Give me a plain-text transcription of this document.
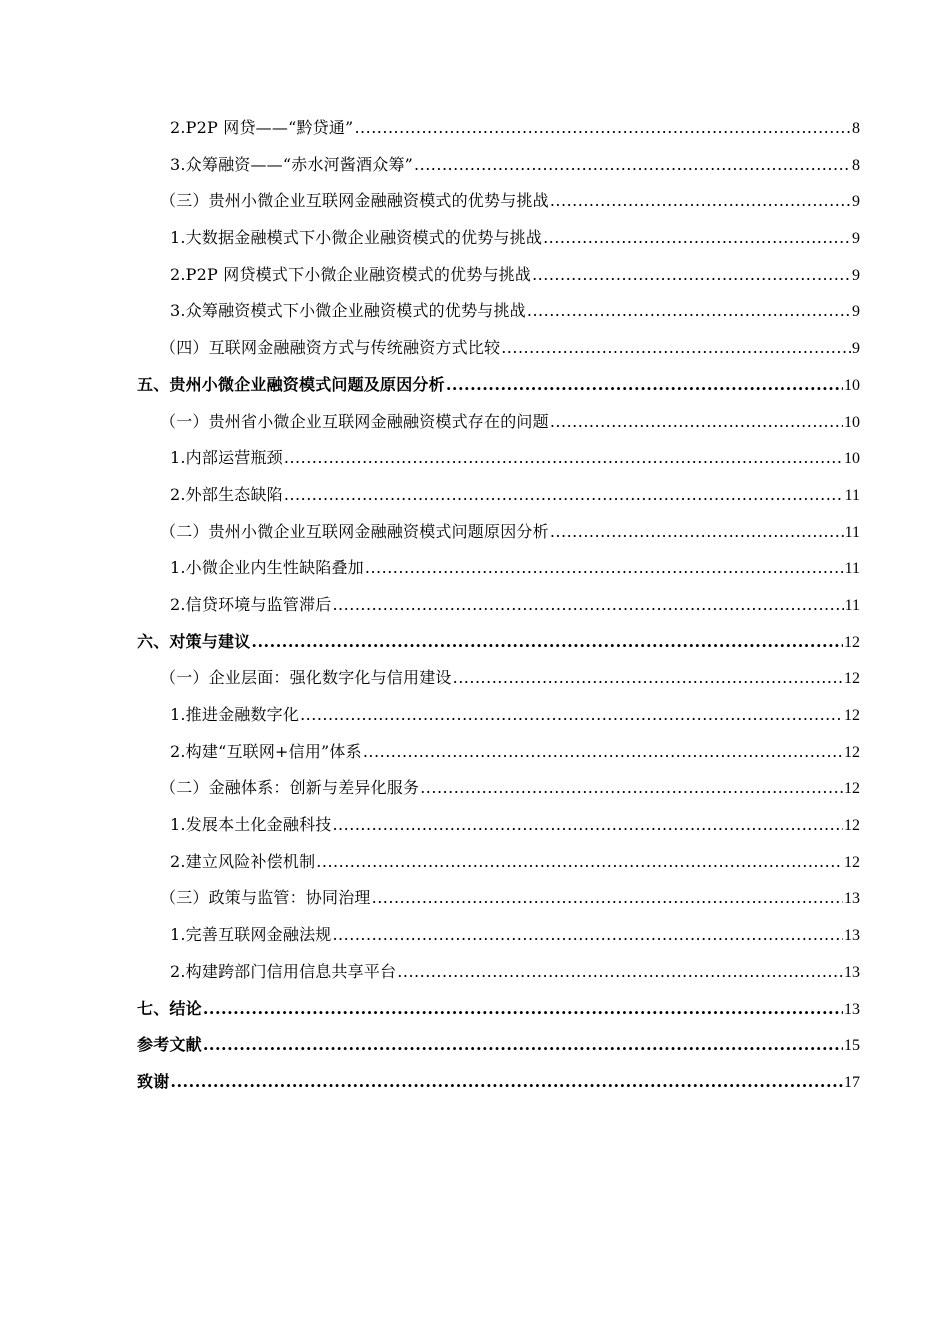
2.P2P 网贷——“黔贷通” .....	8
3.众筹融资——“赤水河酱酒众筹” .....	8
（三）贵州小微企业互联网金融融资模式的优势与挑战 .....	9
1.大数据金融模式下小微企业融资模式的优势与挑战 .....	9
2.P2P 网贷模式下小微企业融资模式的优势与挑战 .....	9
3.众筹融资模式下小微企业融资模式的优势与挑战 .....	9
（四）互联网金融融资方式与传统融资方式比较 .....	9
五、贵州小微企业融资模式问题及原因分析 .....	10
（一）贵州省小微企业互联网金融融资模式存在的问题 .....	10
1.内部运营瓶颈 .....	10
2.外部生态缺陷 .....	11
（二）贵州小微企业互联网金融融资模式问题原因分析 .....	11
1.小微企业内生性缺陷叠加 .....	11
2.信贷环境与监管滞后 .....	11
六、对策与建议 .....	12
（一）企业层面：强化数字化与信用建设 .....	12
1.推进金融数字化 .....	12
2.构建“互联网+信用”体系 .....	12
（二）金融体系：创新与差异化服务 .....	12
1.发展本土化金融科技 .....	12
2.建立风险补偿机制 .....	12
（三）政策与监管：协同治理 .....	13
1.完善互联网金融法规 .....	13
2.构建跨部门信用信息共享平台 .....	13
七、结论 .....	13
参考文献 .....	15
致谢 .....	17
